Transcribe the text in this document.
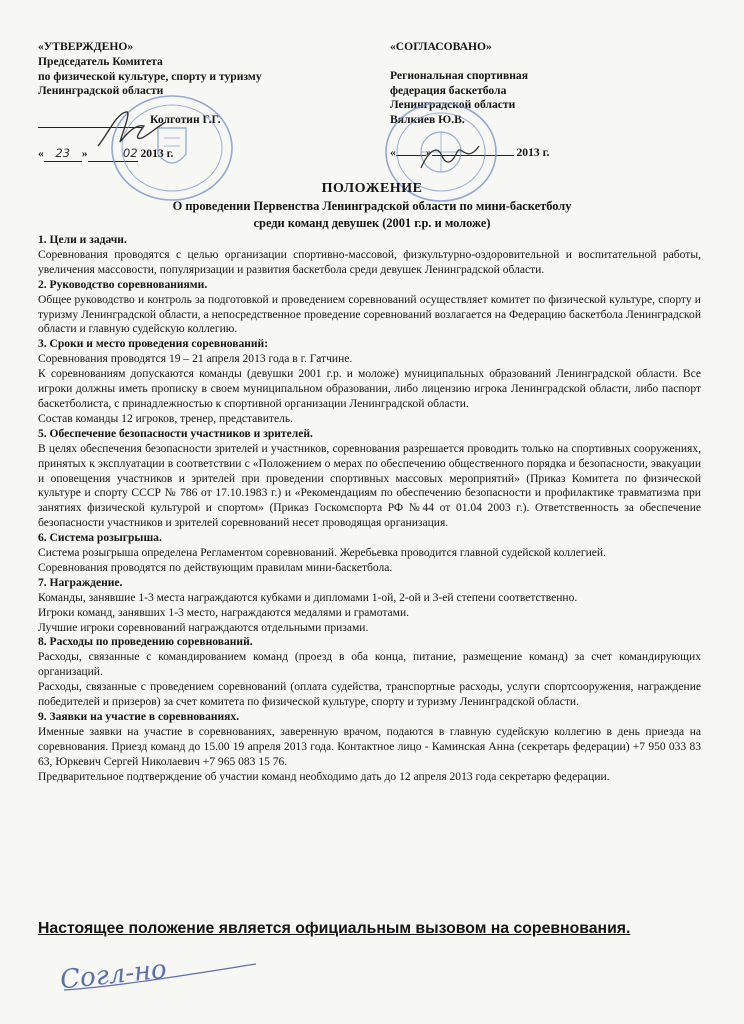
«УТВЕРЖДЕНО»
Председатель Комитета
по физической культуре, спорту и туризму
Ленинградской области
Колготин Г.Г.
« 23 »	02 2013 г.
«СОГЛАСОВАНО»
Региональная спортивная
федерация баскетбола
Ленинградской области
Вялкиев Ю.В.
«	2013 г.
ПОЛОЖЕНИЕ
О проведении Первенства Ленинградской области по мини-баскетболу
среди команд девушек (2001 г.р. и моложе)

1. Цели и задачи.

Соревнования проводятся с целью организации спортивно-массовой, физкультурно-оздоровительной и воспитательной работы, увеличения массовости, популяризации и развития баскетбола среди девушек Ленинградской области.

2. Руководство соревнованиями.

Общее руководство и контроль за подготовкой и проведением соревнований осуществляет комитет по физической культуре, спорту и туризму Ленинградской области, а непосредственное проведение соревнований возлагается на Федерацию баскетбола Ленинградской области и главную судейскую коллегию.

3. Сроки и место проведения соревнований:

Соревнования проводятся 19 – 21 апреля 2013 года в г. Гатчине.

К соревнованиям допускаются команды (девушки 2001 г.р. и моложе) муниципальных образований Ленинградской области. Все игроки должны иметь прописку в своем муниципальном образовании, либо лицензию игрока Ленинградской области, либо паспорт баскетболиста, с принадлежностью к спортивной организации Ленинградской области.

Состав команды 12 игроков, тренер, представитель.

5. Обеспечение безопасности участников и зрителей.

В целях обеспечения безопасности зрителей и участников, соревнования разрешается проводить только на спортивных сооружениях, принятых к эксплуатации в соответствии с «Положением о мерах по обеспечению общественного порядка и безопасности, эвакуации и оповещения участников и зрителей при проведении спортивных массовых мероприятий» (Приказ Комитета по физической культуре и спорту СССР № 786 от 17.10.1983 г.) и «Рекомендациям по обеспечению безопасности и профилактике травматизма при занятиях физической культурой и спортом» (Приказ Госкомспорта РФ №44 от 01.04 2003 г.). Ответственность за обеспечение безопасности участников и зрителей соревнований несет проводящая организация.

6. Система розыгрыша.

Система розыгрыша определена Регламентом соревнований. Жеребьевка проводится главной судейской коллегией.

Соревнования проводятся по действующим правилам мини-баскетбола.

7. Награждение.

Команды, занявшие 1-3 места награждаются кубками и дипломами 1-ой, 2-ой и 3-ей степени соответственно.

Игроки команд, занявших 1-3 место, награждаются медалями и грамотами.

Лучшие игроки соревнований награждаются отдельными призами.

8. Расходы по проведению соревнований.

Расходы, связанные с командированием команд (проезд в оба конца, питание, размещение команд) за счет командирующих организаций.

Расходы, связанные с проведением соревнований (оплата судейства, транспортные расходы, услуги спортсооружения, награждение победителей и призеров) за счет комитета по физической культуре, спорту и туризму Ленинградской области.

9. Заявки на участие в соревнованиях.

Именные заявки на участие в соревнованиях, заверенную врачом, подаются в главную судейскую коллегию в день приезда на соревнования. Приезд команд до 15.00 19 апреля 2013 года. Контактное лицо - Каминская Анна (секретарь федерации) +7 950 033 83 63, Юркевич Сергей Николаевич +7 965 083 15 76.

Предварительное подтверждение об участии команд необходимо дать до 12 апреля 2013 года секретарю федерации.

Настоящее положение является официальным вызовом на соревнования.
Согл-но
